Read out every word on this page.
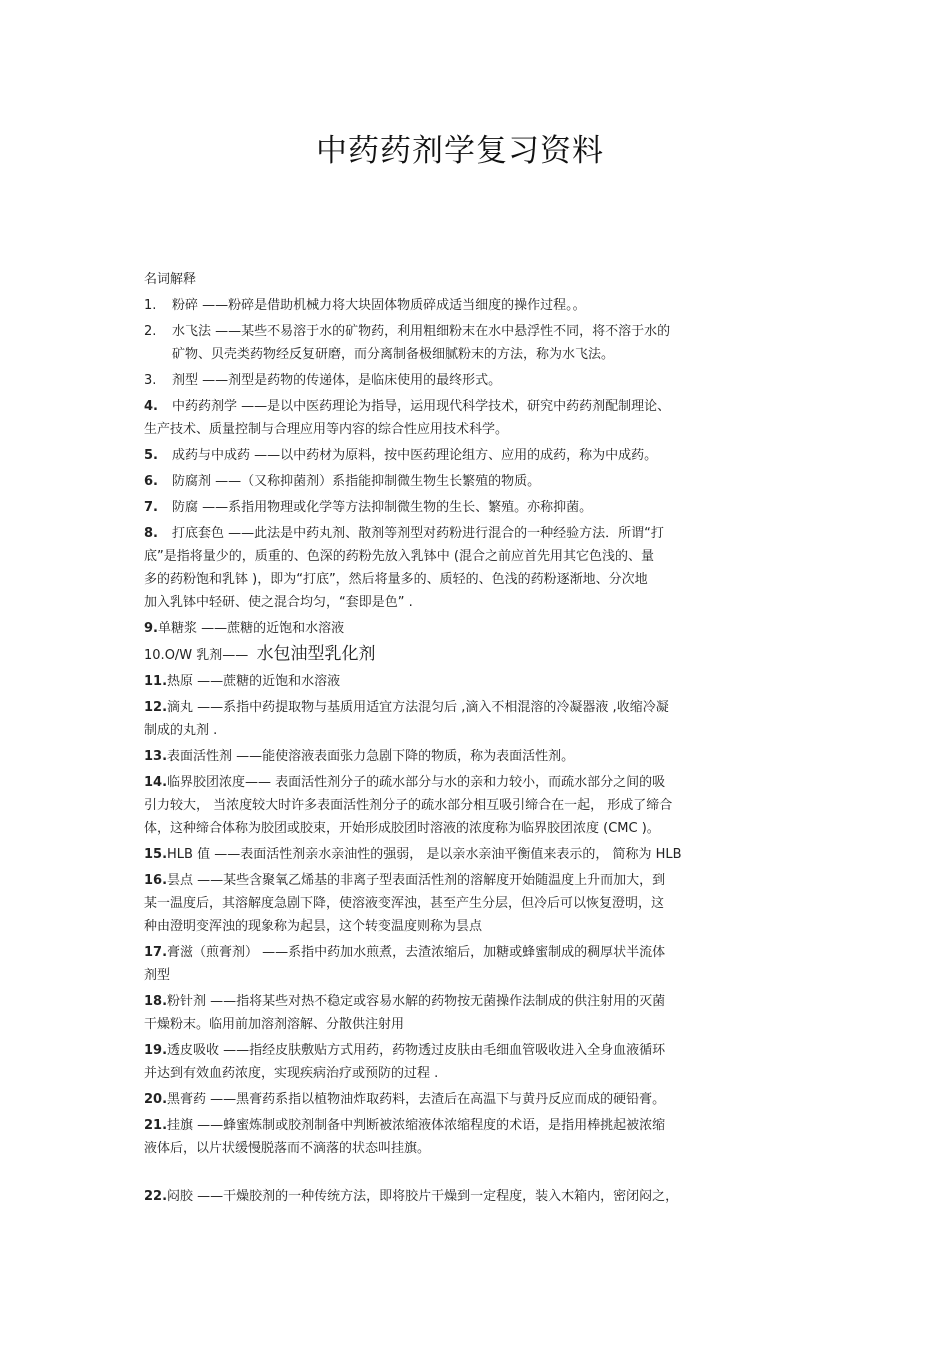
中药药剂学复习资料
名词解释
1. 粉碎 ——粉碎是借助机械力将大块固体物质碎成适当细度的操作过程。。
2. 水飞法 ——某些不易溶于水的矿物药，利用粗细粉末在水中悬浮性不同，将不溶于水的
矿物、贝壳类药物经反复研磨，而分离制备极细腻粉末的方法，称为水飞法。
3. 剂型 ——剂型是药物的传递体，是临床使用的最终形式。
4. 中药药剂学 ——是以中医药理论为指导，运用现代科学技术，研究中药药剂配制理论、
生产技术、质量控制与合理应用等内容的综合性应用技术科学。
5. 成药与中成药 ——以中药材为原料，按中医药理论组方、应用的成药，称为中成药。
6. 防腐剂 ——（又称抑菌剂）系指能抑制微生物生长繁殖的物质。
7. 防腐 ——系指用物理或化学等方法抑制微生物的生长、繁殖。亦称抑菌。
8. 打底套色 ——此法是中药丸剂、散剂等剂型对药粉进行混合的一种经验方法．所谓“打
底”是指将量少的，质重的、色深的药粉先放入乳钵中 (混合之前应首先用其它色浅的、量
多的药粉饱和乳钵 )，即为“打底”，然后将量多的、质轻的、色浅的药粉逐渐地、分次地
加入乳钵中轻研、使之混合均匀，“套即是色” .
9.单糖浆 ——蔗糖的近饱和水溶液
10.O/W 乳剂—— 水包油型乳化剂
11.热原 ——蔗糖的近饱和水溶液
12.滴丸 ——系指中药提取物与基质用适宜方法混匀后 ,滴入不相混溶的冷凝器液 ,收缩冷凝
制成的丸剂 .
13.表面活性剂 ——能使溶液表面张力急剧下降的物质，称为表面活性剂。
14.临界胶团浓度—— 表面活性剂分子的疏水部分与水的亲和力较小，而疏水部分之间的吸
引力较大， 当浓度较大时许多表面活性剂分子的疏水部分相互吸引缔合在一起， 形成了缔合
体，这种缔合体称为胶团或胶束，开始形成胶团时溶液的浓度称为临界胶团浓度 (CMC )。
15.HLB 值 ——表面活性剂亲水亲油性的强弱， 是以亲水亲油平衡值来表示的， 简称为 HLB
16.昙点 ——某些含聚氧乙烯基的非离子型表面活性剂的溶解度开始随温度上升而加大，到
某一温度后，其溶解度急剧下降，使溶液变浑浊，甚至产生分层，但冷后可以恢复澄明，这
种由澄明变浑浊的现象称为起昙，这个转变温度则称为昙点
17.膏滋（煎膏剂） ——系指中药加水煎煮，去渣浓缩后，加糖或蜂蜜制成的稠厚状半流体
剂型
18.粉针剂 ——指将某些对热不稳定或容易水解的药物按无菌操作法制成的供注射用的灭菌
干燥粉末。临用前加溶剂溶解、分散供注射用
19.透皮吸收 ——指经皮肤敷贴方式用药，药物透过皮肤由毛细血管吸收进入全身血液循环
并达到有效血药浓度，实现疾病治疗或预防的过程 .
20.黑膏药 ——黑膏药系指以植物油炸取药料，去渣后在高温下与黄丹反应而成的硬铅膏。
21.挂旗 ——蜂蜜炼制或胶剂制备中判断被浓缩液体浓缩程度的术语，是指用棒挑起被浓缩
液体后，以片状缓慢脱落而不滴落的状态叫挂旗。
22.闷胶 ——干燥胶剂的一种传统方法，即将胶片干燥到一定程度，装入木箱内，密闭闷之，
